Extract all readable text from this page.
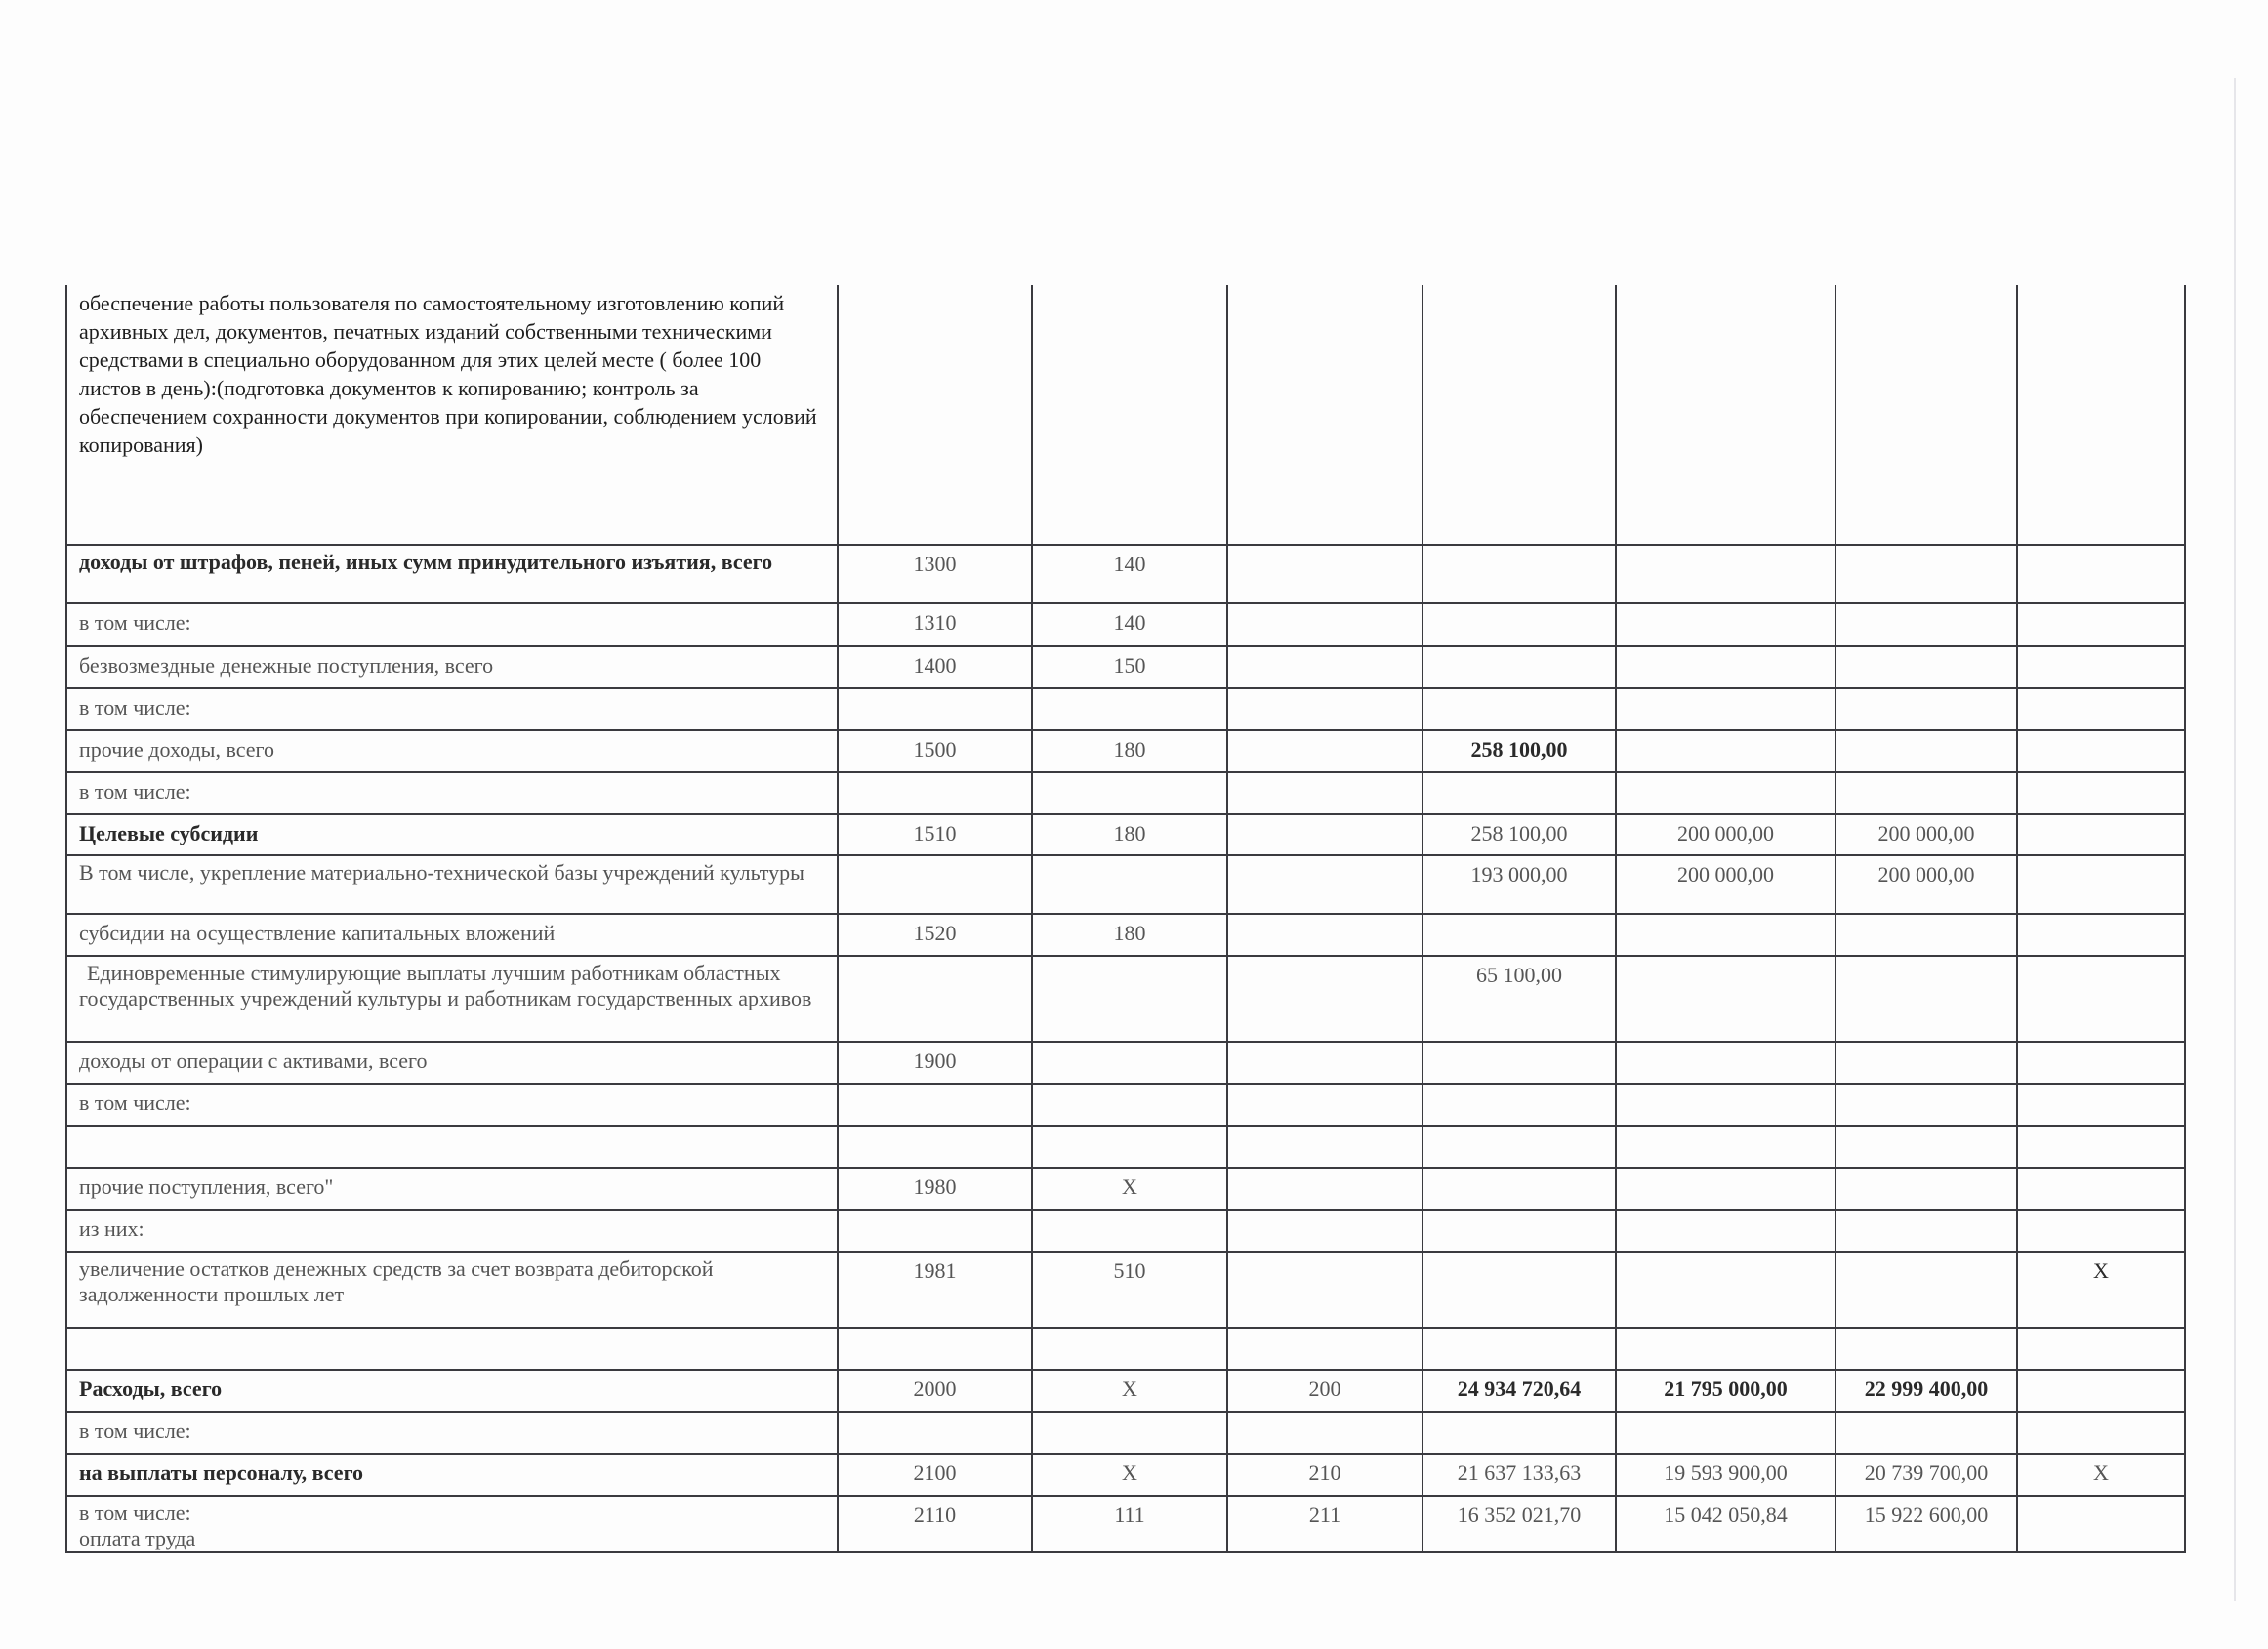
обеспечение работы пользователя по самостоятельному изготовлению копий архивных дел, документов, печатных изданий собственными техническими средствами в специально оборудованном для этих целей месте ( более 100 листов в день):(подготовка документов к копированию; контроль за обеспечением сохранности документов при копировании, соблюдением условий копирования)							
доходы от штрафов, пеней, иных сумм принудительного изъятия, всего	1300	140					
в том числе:	1310	140					
безвозмездные денежные поступления, всего	1400	150					
в том числе:							
прочие доходы, всего	1500	180		258 100,00			
в том числе:							
Целевые субсидии	1510	180		258 100,00	200 000,00	200 000,00	
В том числе, укрепление материально-технической базы учреждений культуры				193 000,00	200 000,00	200 000,00	
субсидии на осуществление капитальных вложений	1520	180					
Единовременные стимулирующие выплаты лучшим работникам областных государственных учреждений культуры и работникам государственных архивов				65 100,00			
доходы от операции с активами, всего	1900						
в том числе:							

прочие поступления, всего"	1980	X					
из них:							
увеличение остатков денежных средств за счет возврата дебиторской задолженности прошлых лет	1981	510					X

Расходы, всего	2000	X	200	24 934 720,64	21 795 000,00	22 999 400,00	
в том числе:							
на выплаты персоналу, всего	2100	X	210	21 637 133,63	19 593 900,00	20 739 700,00	X

в том числе:
оплата труда	2110	111	211	16 352 021,70	15 042 050,84	15 922 600,00	
